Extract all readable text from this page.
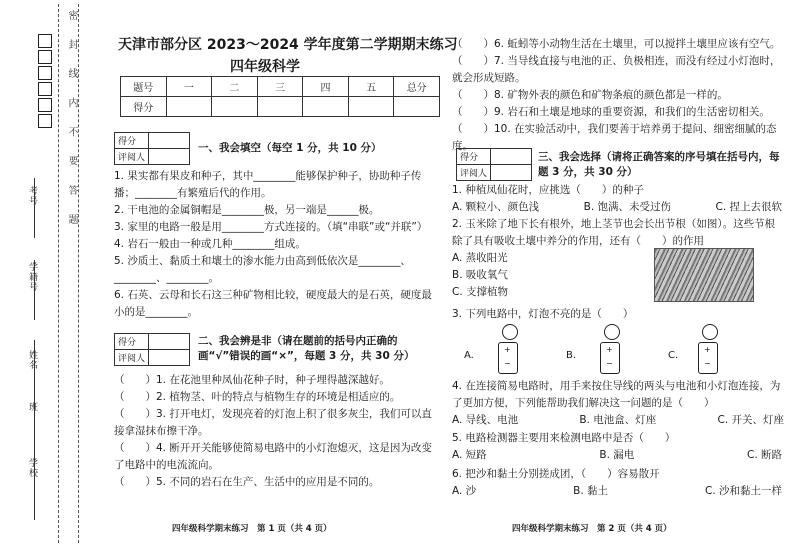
密 封 线 内 不 要 答 题
考号
学籍号
姓名
班
学校
天津市部分区 2023～2024 学年度第二学期期末练习
四年级科学
题号	一	二	三	四	五	总分
得分						
得分	
评阅人	
一、我会填空（每空 1 分，共 10 分）

1. 果实都有果皮和种子，其中________能够保护种子，协助种子传播；________有繁殖后代的作用。

2. 干电池的金属铜帽是________极，另一端是______极。

3. 家里的电路一般是用________方式连接的。（填“串联”或“并联”）

4. 岩石一般由一种或几种________组成。

5. 沙质土、黏质土和壤土的渗水能力由高到低依次是________、________、________。

6. 石英、云母和长石这三种矿物相比较，硬度最大的是石英，硬度最小的是________。

得分	
评阅人	
二、我会辨是非（请在题前的括号内正确的画“√”错误的画“×”，每题 3 分，共 30 分）

（　　）1. 在花池里种凤仙花种子时，种子埋得越深越好。

（　　）2. 植物茎、叶的特点与植物生存的环境是相适应的。

（　　）3. 打开电灯，发现亮着的灯泡上积了很多灰尘，我们可以直接拿湿抹布擦干净。

（　　）4. 断开开关能够使简易电路中的小灯泡熄灭，这是因为改变了电路中的电流流向。

（　　）5. 不同的岩石在生产、生活中的应用是不同的。

四年级科学期末练习　第 1 页（共 4 页）

（　　）6. 蚯蚓等小动物生活在土壤里，可以搅拌土壤里应该有空气。

（　　）7. 当导线直接与电池的正、负极相连，而没有经过小灯泡时，就会形成短路。

（　　）8. 矿物外表的颜色和矿物条痕的颜色都是一样的。

（　　）9. 岩石和土壤是地球的重要资源，和我们的生活密切相关。

（　　）10. 在实验活动中，我们要善于培养勇于提问、细密细腻的态度。

得分	
评阅人	
三、我会选择（请将正确答案的序号填在括号内，每题 3 分，共 30 分）

1. 种植凤仙花时，应挑选（　　）的种子

A. 颗粒小、颜色浅	B. 饱满、未受过伤	C. 捏上去很软

2. 玉米除了地下长有根外，地上茎节也会长出节根（如图）。这些节根除了具有吸收土壤中养分的作用，还有（　　）的作用

A. 蒸收阳光

B. 吸收氧气

C. 支撑植物

3. 下列电路中，灯泡不亮的是（　　）

A.
+
−
B.
+
−
C.
+
−

4. 在连接简易电路时，用手来按住导线的两头与电池和小灯泡连接，为了更加方便，下列能帮助我们解决这一问题的是（　　）

A. 导线、电池	B. 电池盒、灯座	C. 开关、灯座

5. 电路检测器主要用来检测电路中是否（　　）

A. 短路	B. 漏电	C. 断路

6. 把沙和黏土分别搓成团，（　　）容易散开

A. 沙	B. 黏土	C. 沙和黏土一样
四年级科学期末练习　第 2 页（共 4 页）
